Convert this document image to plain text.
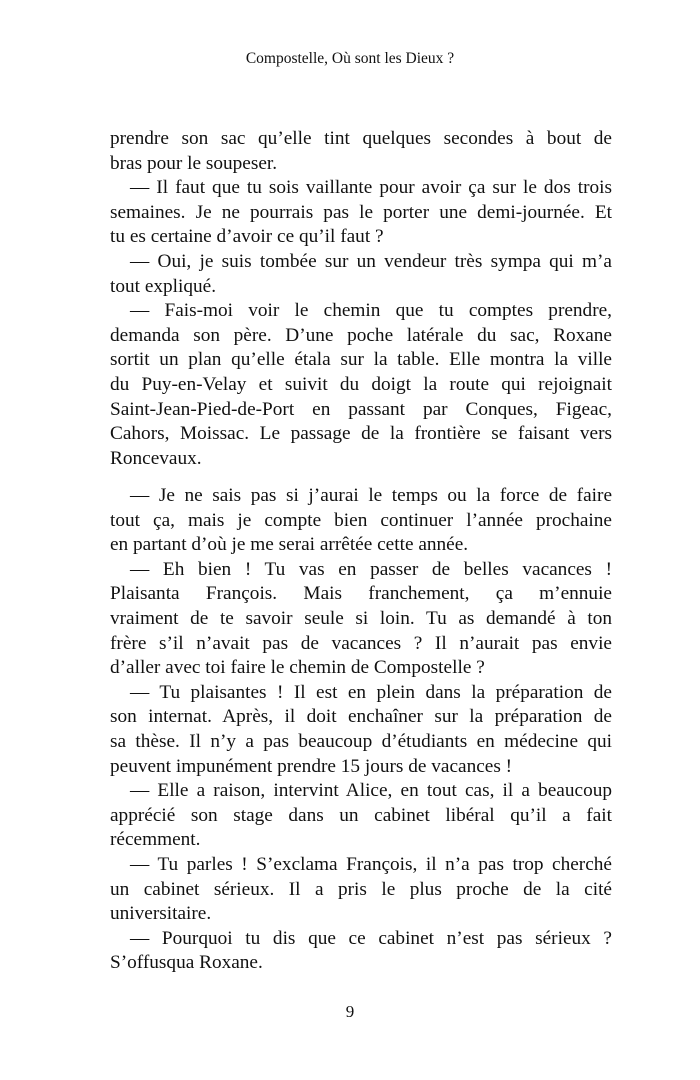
Compostelle, Où sont les Dieux ?
prendre son sac qu’elle tint quelques secondes à bout de
bras pour le soupeser.
— Il faut que tu sois vaillante pour avoir ça sur le dos trois
semaines. Je ne pourrais pas le porter une demi-journée. Et
tu es certaine d’avoir ce qu’il faut ?
— Oui, je suis tombée sur un vendeur très sympa qui m’a
tout expliqué.
— Fais-moi voir le chemin que tu comptes prendre,
demanda son père. D’une poche latérale du sac, Roxane
sortit un plan qu’elle étala sur la table. Elle montra la ville
du Puy-en-Velay et suivit du doigt la route qui rejoignait
Saint-Jean-Pied-de-Port en passant par Conques, Figeac,
Cahors, Moissac. Le passage de la frontière se faisant vers
Roncevaux.
— Je ne sais pas si j’aurai le temps ou la force de faire
tout ça, mais je compte bien continuer l’année prochaine
en partant d’où je me serai arrêtée cette année.
— Eh bien ! Tu vas en passer de belles vacances !
Plaisanta François. Mais franchement, ça m’ennuie
vraiment de te savoir seule si loin. Tu as demandé à ton
frère s’il n’avait pas de vacances ? Il n’aurait pas envie
d’aller avec toi faire le chemin de Compostelle ?
— Tu plaisantes ! Il est en plein dans la préparation de
son internat. Après, il doit enchaîner sur la préparation de
sa thèse. Il n’y a pas beaucoup d’étudiants en médecine qui
peuvent impunément prendre 15 jours de vacances !
— Elle a raison, intervint Alice, en tout cas, il a beaucoup
apprécié son stage dans un cabinet libéral qu’il a fait
récemment.
— Tu parles ! S’exclama François, il n’a pas trop cherché
un cabinet sérieux. Il a pris le plus proche de la cité
universitaire.
— Pourquoi tu dis que ce cabinet n’est pas sérieux ?
S’offusqua Roxane.
9
